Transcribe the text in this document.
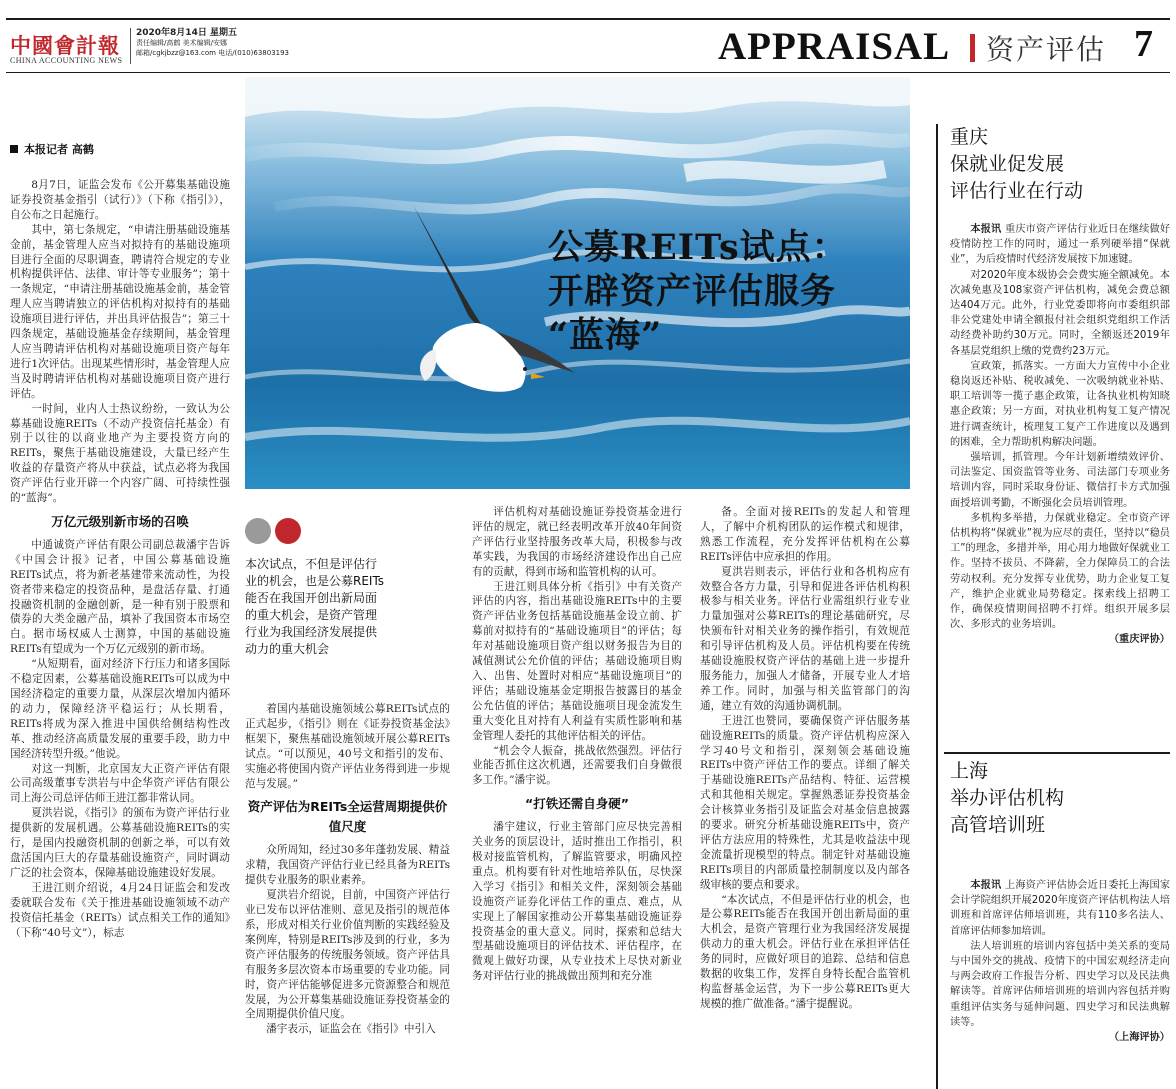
中國會計報
CHINA ACCOUNTING NEWS
2020年8月14日 星期五
责任编辑/高鹤 美术编辑/安娜
邮箱/cgkjbzz@163.com 电话/(010)63803193	APPRAISAL 资产评估 7
本报记者 高鹤

8月7日，证监会发布《公开募集基础设施证券投资基金指引（试行）》（下称《指引》），自公布之日起施行。

其中，第七条规定，“申请注册基础设施基金前，基金管理人应当对拟持有的基础设施项目进行全面的尽职调查，聘请符合规定的专业机构提供评估、法律、审计等专业服务”；第十一条规定，“申请注册基础设施基金前，基金管理人应当聘请独立的评估机构对拟持有的基础设施项目进行评估，并出具评估报告”；第三十四条规定，基础设施基金存续期间，基金管理人应当聘请评估机构对基础设施项目资产每年进行1次评估。出现某些情形时，基金管理人应当及时聘请评估机构对基础设施项目资产进行评估。

一时间，业内人士热议纷纷，一致认为公募基础设施REITs（不动产投资信托基金）有别于以往的以商业地产为主要投资方向的REITs，聚焦于基础设施建设，大量已经产生收益的存量资产将从中获益，试点必将为我国资产评估行业开辟一个内容广阔、可持续性强的“蓝海”。

万亿元级别新市场的召唤

中通诚资产评估有限公司副总裁潘宇告诉《中国会计报》记者，中国公募基础设施REITs试点，将为新老基建带来流动性，为投资者带来稳定的投资品种，是盘活存量、打通投融资机制的金融创新，是一种有别于股票和债券的大类金融产品，填补了我国资本市场空白。据市场权威人士测算，中国的基础设施REITs有望成为一个万亿元级别的新市场。

“从短期看，面对经济下行压力和诸多国际不稳定因素，公募基础设施REITs可以成为中国经济稳定的重要力量，从深层次增加内循环的动力，保障经济平稳运行；从长期看，REITs将成为深入推进中国供给侧结构性改革、推动经济高质量发展的重要手段，助力中国经济转型升级。”他说。

对这一判断，北京国友大正资产评估有限公司高级董事专洪岩与中企华资产评估有限公司上海公司总评估师王进江都非常认同。

夏洪岩说，《指引》的颁布为资产评估行业提供新的发展机遇。公募基础设施REITs的实行，是国内投融资机制的创新之举，可以有效盘活国内巨大的存量基础设施资产，同时调动广泛的社会资本，保障基础设施建设好发展。

王进江则介绍说，4月24日证监会和发改委就联合发布《关于推进基础设施领域不动产投资信托基金（REITs）试点相关工作的通知》（下称“40号文”），标志

公募REITs试点：
开辟资产评估服务
“蓝海”
本次试点，不但是评估行业的机会，也是公募REITs能否在我国开创出新局面的重大机会，是资产管理行业为我国经济发展提供动力的重大机会

着国内基础设施领域公募REITs试点的正式起步，《指引》则在《证券投资基金法》框架下，聚焦基础设施领域开展公募REITs试点。“可以预见，40号文和指引的发布、实施必将使国内资产评估业务得到进一步规范与发展。”

资产评估为REITs全运营周期提供价值尺度

众所周知，经过30多年蓬勃发展、精益求精，我国资产评估行业已经具备为REITs提供专业服务的职业素养。

夏洪岩介绍说，目前，中国资产评估行业已发布以评估准则、意见及指引的规范体系，形成对相关行业价值判断的实践经验及案例库，特别是REITs涉及到的行业，多为资产评估服务的传统服务领域。资产评估具有服务多层次资本市场重要的专业功能。同时，资产评估能够促进多元资源整合和规范发展，为公开募集基础设施证券投资基金的全周期提供价值尺度。

潘宇表示，证监会在《指引》中引入

评估机构对基础设施证券投资基金进行评估的规定，就已经表明改革开放40年间资产评估行业坚持服务改革大局，积极参与改革实践，为我国的市场经济建设作出自己应有的贡献，得到市场和监管机构的认可。

王进江则具体分析《指引》中有关资产评估的内容，指出基础设施REITs中的主要资产评估业务包括基础设施基金设立前、扩募前对拟持有的“基础设施项目”的评估；每年对基础设施项目资产组以财务报告为目的减值测试公允价值的评估；基础设施项目购入、出售、处置时对相应“基础设施项目”的评估；基础设施基金定期报告披露目的基金公允估值的评估；基础设施项目现金流发生重大变化且对持有人利益有实质性影响和基金管理人委托的其他评估相关的评估。

“机会令人振奋，挑战依然强烈。评估行业能否抓住这次机遇，还需要我们自身做很多工作。”潘宇说。

“打铁还需自身硬”

潘宇建议，行业主管部门应尽快完善相关业务的顶层设计，适时推出工作指引，积极对接监管机构，了解监管要求，明确风控重点。机构要有针对性地培养队伍，尽快深入学习《指引》和相关文件，深刻领会基础设施资产证券化评估工作的重点、难点，从实现上了解国家推动公开募集基础设施证券投资基金的重大意义。同时，探索和总结大型基础设施项目的评估技术、评估程序，在微观上做好功课，从专业技术上尽快对新业务对评估行业的挑战做出预判和充分准

备。全面对接REITs的发起人和管理人，了解中介机构团队的运作模式和规律，熟悉工作流程，充分发挥评估机构在公募REITs评估中应承担的作用。

夏洪岩则表示，评估行业和各机构应有效整合各方力量，引导和促进各评估机构积极参与相关业务。评估行业需组织行业专业力量加强对公募REITs的理论基础研究，尽快颁布针对相关业务的操作指引，有效规范和引导评估机构及人员。评估机构要在传统基础设施股权资产评估的基础上进一步提升服务能力，加强人才储备，开展专业人才培养工作。同时，加强与相关监管部门的沟通，建立有效的沟通协调机制。

王进江也赞同，要确保资产评估服务基础设施REITs的质量。资产评估机构应深入学习40号文和指引，深刻领会基础设施REITs中资产评估工作的要点。详细了解关于基础设施REITs产品结构、特征、运营模式和其他相关规定。掌握熟悉证券投资基金会计核算业务指引及证监会对基金信息披露的要求。研究分析基础设施REITs中，资产评估方法应用的特殊性，尤其是收益法中现金流量折现模型的特点。制定针对基础设施REITs项目的内部质量控制制度以及内部各级审核的要点和要求。

“本次试点，不但是评估行业的机会，也是公募REITs能否在我国开创出新局面的重大机会，是资产管理行业为我国经济发展提供动力的重大机会。评估行业在承担评估任务的同时，应做好项目的追踪、总结和信息数据的收集工作，发挥自身特长配合监管机构监督基金运营，为下一步公募REITs更大规模的推广做准备。”潘宇提醒说。

重庆
保就业促发展
评估行业在行动

本报讯 重庆市资产评估行业近日在继续做好疫情防控工作的同时，通过一系列硬举措“保就业”，为后疫情时代经济发展按下加速键。

对2020年度本级协会会费实施全额减免。本次减免惠及108家资产评估机构，减免会费总额达404万元。此外，行业党委即将向市委组织部非公党建处申请全额报付社会组织党组织工作活动经费补助约30万元。同时，全额返还2019年各基层党组织上缴的党费约23万元。

宣政策，抓落实。一方面大力宣传中小企业稳岗返还补贴、税收减免、一次吸纳就业补贴、职工培训等一揽子惠企政策，让各执业机构知晓惠企政策；另一方面，对执业机构复工复产情况进行调查统计，梳理复工复产工作进度以及遇到的困难，全力帮助机构解决问题。

强培训，抓管理。今年计划新增绩效评价、司法鉴定、国资监管等业务、司法部门专项业务培训内容，同时采取身份证、微信打卡方式加强面授培训考勤，不断强化会员培训管理。

多机构多举措，力保就业稳定。全市资产评估机构将“保就业”视为应尽的责任，坚持以“稳员工”的理念，多措并举，用心用力地做好保就业工作。坚持不拔员、不降薪，全力保障员工的合法劳动权利。充分发挥专业优势，助力企业复工复产，维护企业就业局势稳定。探索线上招聘工作，确保疫情期间招聘不打烊。组织开展多层次、多形式的业务培训。

（重庆评协）

上海
举办评估机构
高管培训班

本报讯 上海资产评估协会近日委托上海国家会计学院组织开展2020年度资产评估机构法人培训班和首席评估师培训班，共有110多名法人、首席评估师参加培训。

法人培训班的培训内容包括中美关系的变局与中国外交的挑战、疫情下的中国宏观经济走向与两会政府工作报告分析、四史学习以及民法典解读等。首席评估师培训班的培训内容包括并购重组评估实务与延伸问题、四史学习和民法典解读等。

（上海评协）
